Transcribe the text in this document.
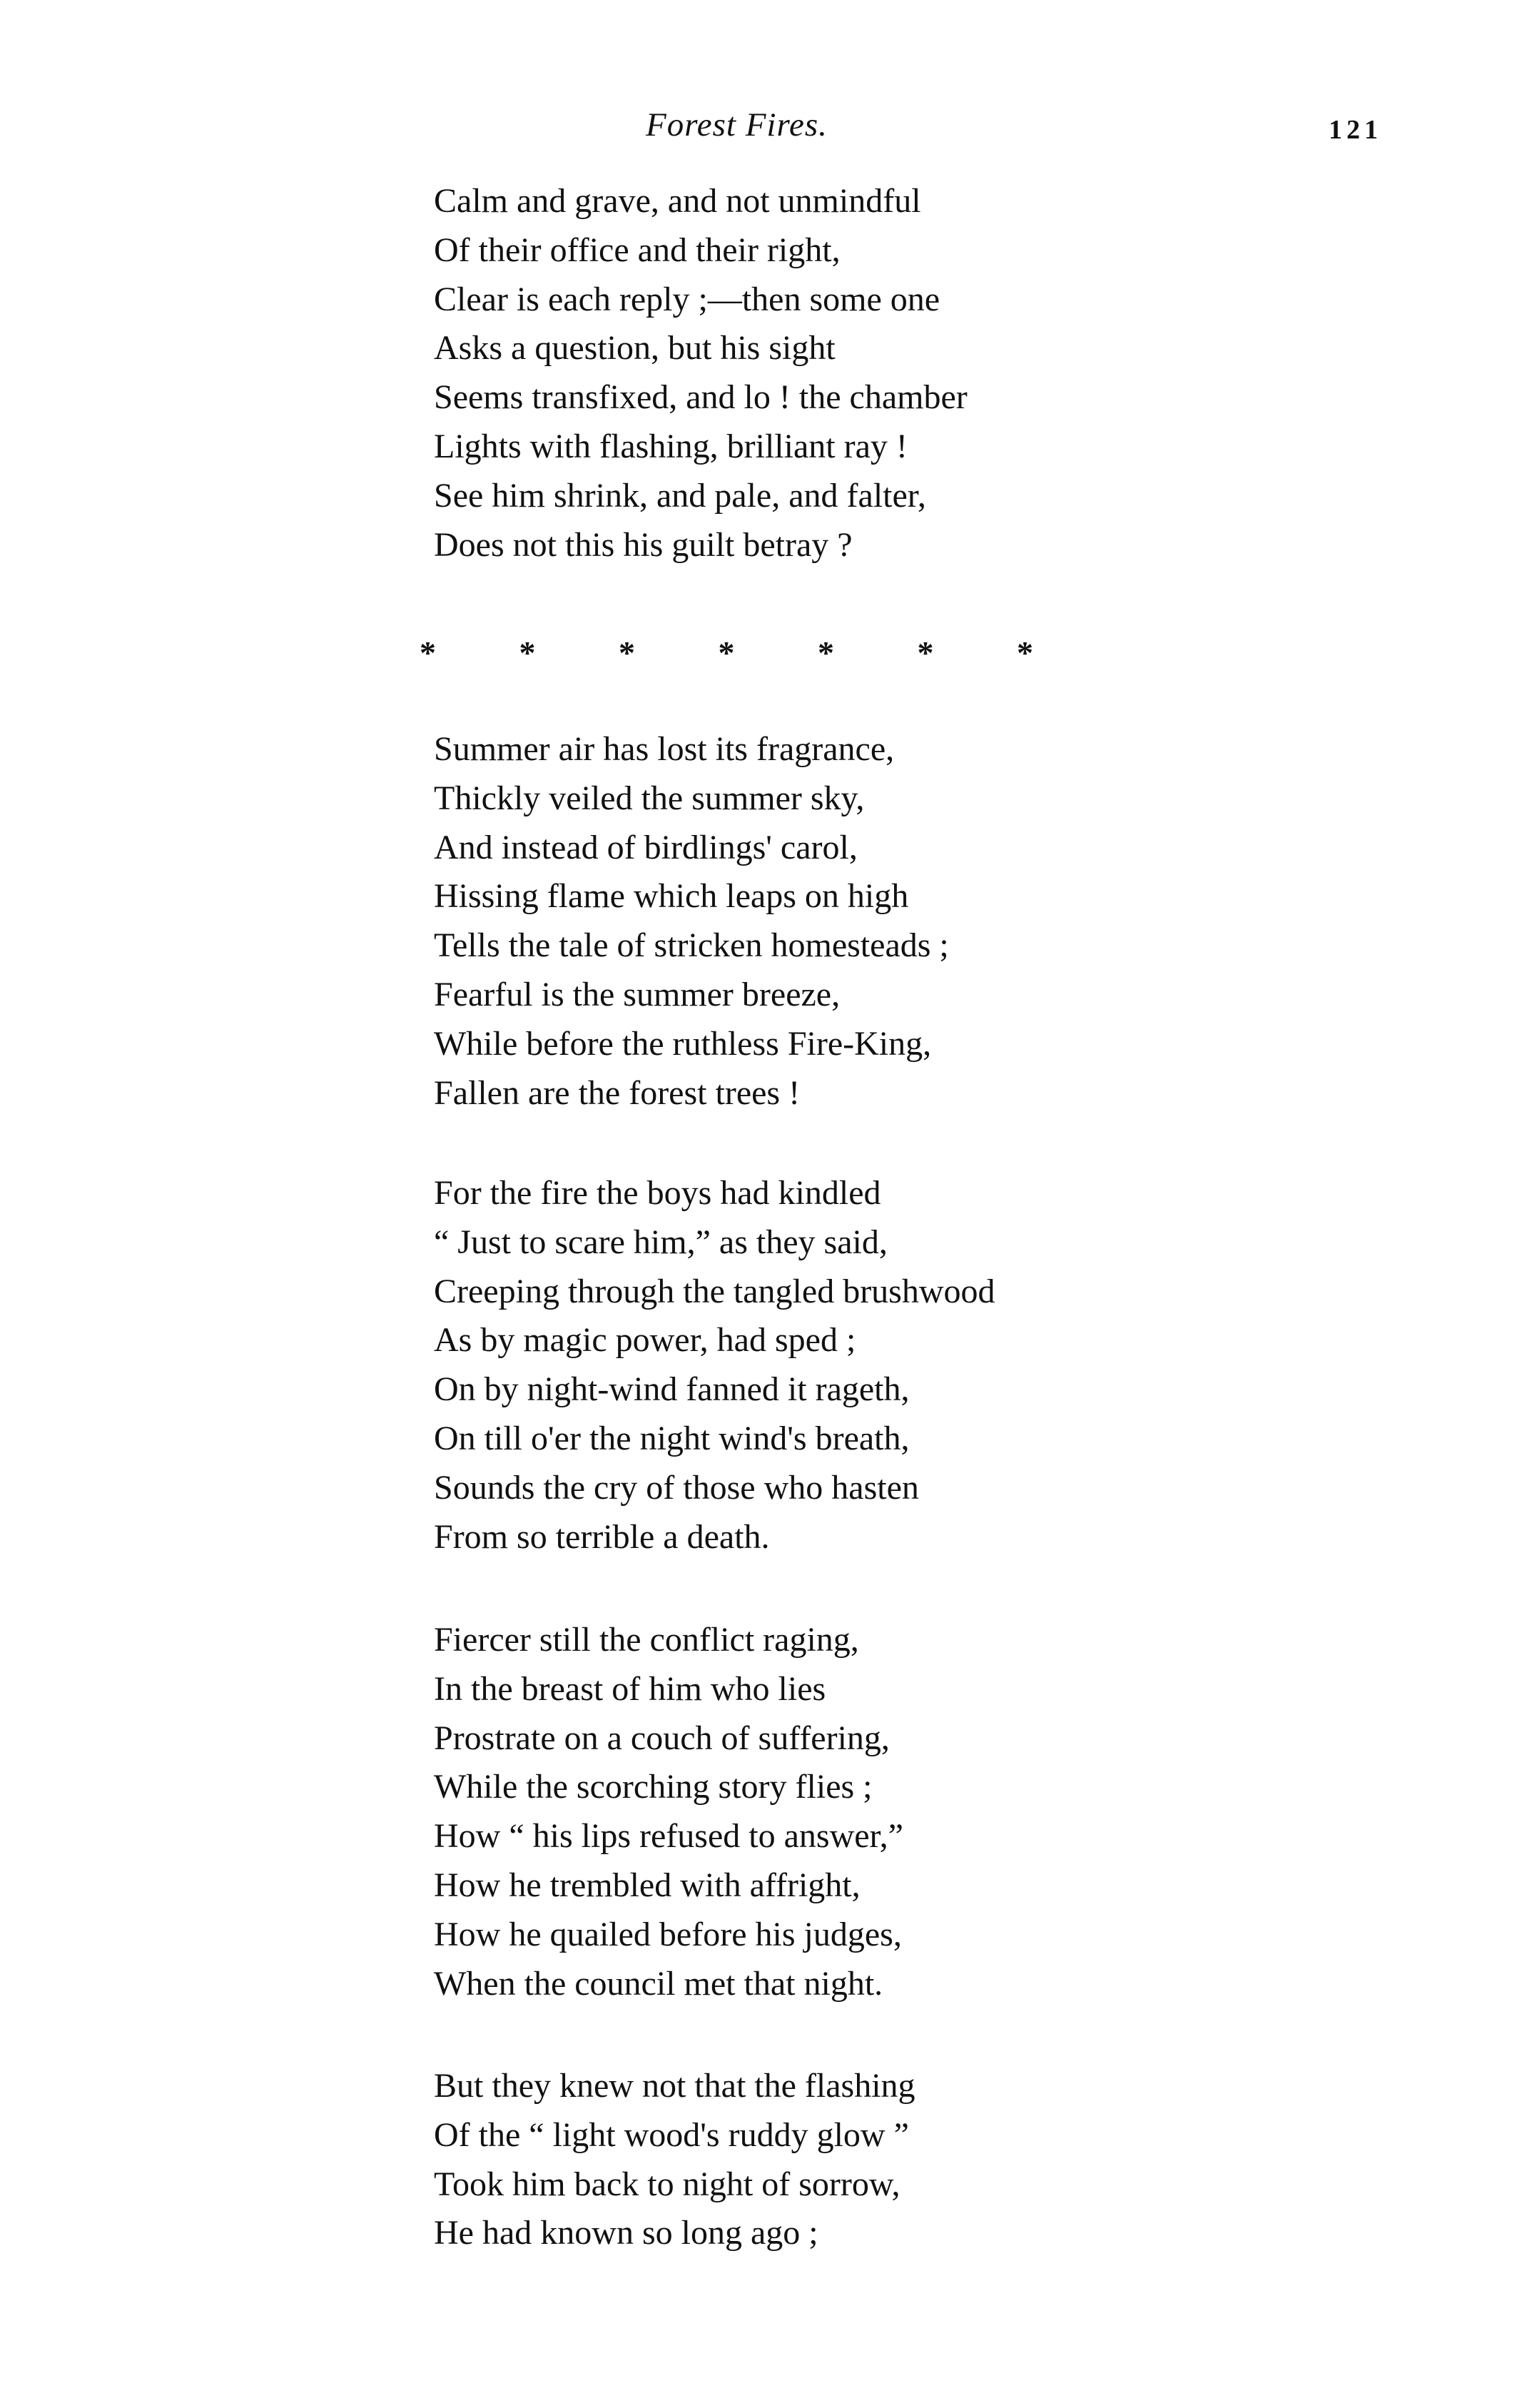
Forest Fires.	121
Calm and grave, and not unmindful
Of their office and their right,
Clear is each reply ;—then some one
Asks a question, but his sight
Seems transfixed, and lo ! the chamber
Lights with flashing, brilliant ray !
See him shrink, and pale, and falter,
Does not this his guilt betray ?
*	*	*	*	*	*	*
Summer air has lost its fragrance,
Thickly veiled the summer sky,
And instead of birdlings' carol,
Hissing flame which leaps on high
Tells the tale of stricken homesteads ;
Fearful is the summer breeze,
While before the ruthless Fire-King,
Fallen are the forest trees !
For the fire the boys had kindled
“ Just to scare him,” as they said,
Creeping through the tangled brushwood
As by magic power, had sped ;
On by night-wind fanned it rageth,
On till o'er the night wind's breath,
Sounds the cry of those who hasten
From so terrible a death.
Fiercer still the conflict raging,
In the breast of him who lies
Prostrate on a couch of suffering,
While the scorching story flies ;
How “ his lips refused to answer,”
How he trembled with affright,
How he quailed before his judges,
When the council met that night.
But they knew not that the flashing
Of the “ light wood's ruddy glow ”
Took him back to night of sorrow,
He had known so long ago ;
